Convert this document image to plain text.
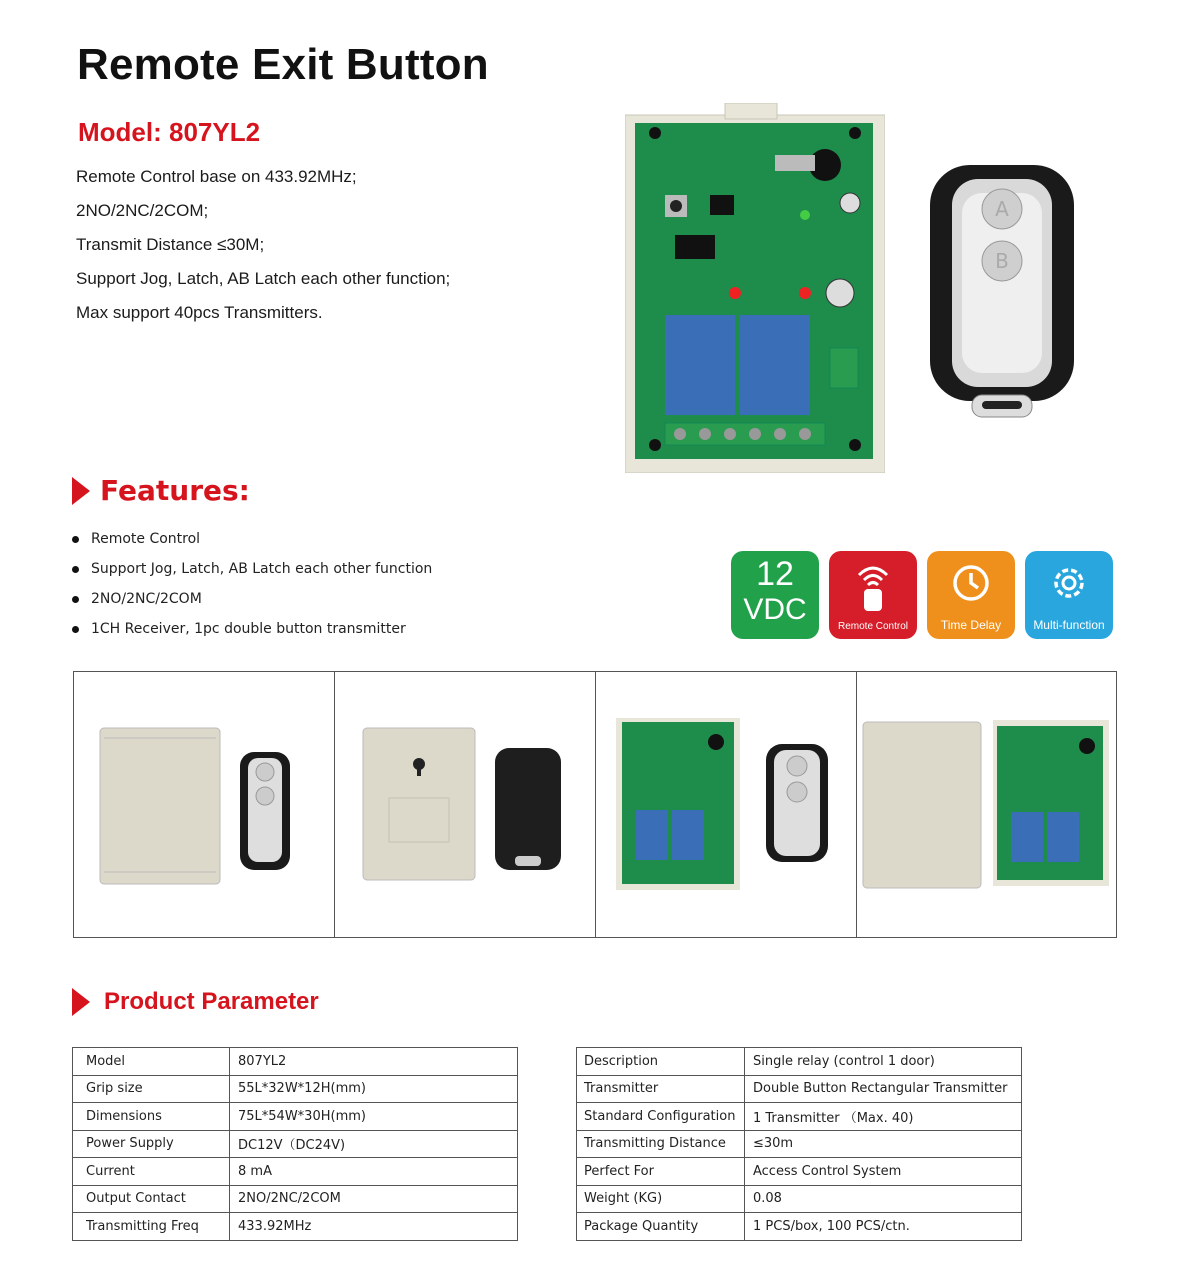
Remote Exit Button
Model: 807YL2
Remote Control base on 433.92MHz;
2NO/2NC/2COM;
Transmit Distance ≤30M;
Support Jog, Latch, AB Latch each other function;
Max support 40pcs Transmitters.
A
B
Features:
Remote Control
Support Jog, Latch, AB Latch each other function
2NO/2NC/2COM
1CH Receiver, 1pc double button transmitter
12
VDC
Remote Control	Time Delay	Multi-function
Product Parameter
Model	807YL2
Grip size	55L*32W*12H(mm)
Dimensions	75L*54W*30H(mm)
Power Supply	DC12V（DC24V)
Current	8 mA
Output Contact	2NO/2NC/2COM
Transmitting Freq	433.92MHz
Description	Single relay (control 1 door)
Transmitter	Double Button Rectangular Transmitter
Standard Configuration	1 Transmitter （Max. 40)
Transmitting Distance	≤30m
Perfect For	Access Control System
Weight (KG)	0.08
Package Quantity	1 PCS/box, 100 PCS/ctn.
